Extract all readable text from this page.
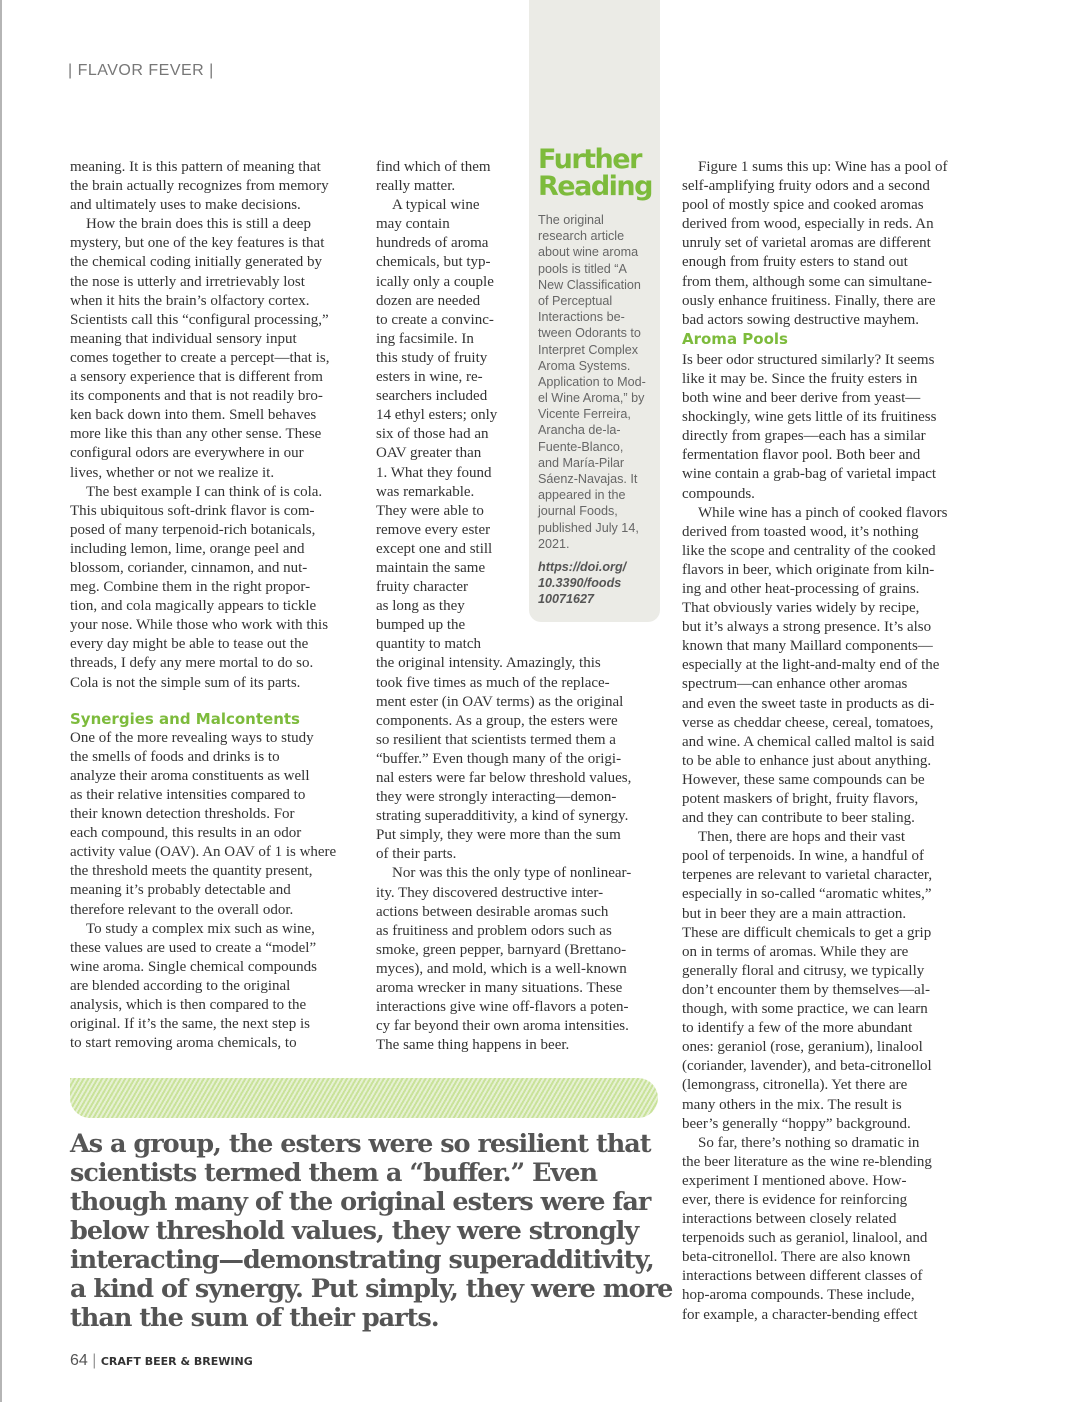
| FLAVOR FEVER |
Further
Reading
The original
research article
about wine aroma
pools is titled “A
New Classification
of Perceptual
Interactions be-
tween Odorants to
Interpret Complex
Aroma Systems.
Application to Mod-
el Wine Aroma,” by
Vicente Ferreira,
Arancha de-la-
Fuente-Blanco,
and María-Pilar
Sáenz-Navajas. It
appeared in the
journal Foods,
published July 14,
2021.
https://doi.org/
10.3390/foods
10071627
meaning. It is this pattern of meaning that
the brain actually recognizes from memory
and ultimately uses to make decisions.
How the brain does this is still a deep
mystery, but one of the key features is that
the chemical coding initially generated by
the nose is utterly and irretrievably lost
when it hits the brain’s olfactory cortex.
Scientists call this “configural processing,”
meaning that individual sensory input
comes together to create a percept—that is,
a sensory experience that is different from
its components and that is not readily bro-
ken back down into them. Smell behaves
more like this than any other sense. These
configural odors are everywhere in our
lives, whether or not we realize it.
The best example I can think of is cola.
This ubiquitous soft-drink flavor is com-
posed of many terpenoid-rich botanicals,
including lemon, lime, orange peel and
blossom, coriander, cinnamon, and nut-
meg. Combine them in the right propor-
tion, and cola magically appears to tickle
your nose. While those who work with this
every day might be able to tease out the
threads, I defy any mere mortal to do so.
Cola is not the simple sum of its parts.
Synergies and Malcontents
One of the more revealing ways to study
the smells of foods and drinks is to
analyze their aroma constituents as well
as their relative intensities compared to
their known detection thresholds. For
each compound, this results in an odor
activity value (OAV). An OAV of 1 is where
the threshold meets the quantity present,
meaning it’s probably detectable and
therefore relevant to the overall odor.
To study a complex mix such as wine,
these values are used to create a “model”
wine aroma. Single chemical compounds
are blended according to the original
analysis, which is then compared to the
original. If it’s the same, the next step is
to start removing aroma chemicals, to
find which of them
really matter.
A typical wine
may contain
hundreds of aroma
chemicals, but typ-
ically only a couple
dozen are needed
to create a convinc-
ing facsimile. In
this study of fruity
esters in wine, re-
searchers included
14 ethyl esters; only
six of those had an
OAV greater than
1. What they found
was remarkable.
They were able to
remove every ester
except one and still
maintain the same
fruity character
as long as they
bumped up the
quantity to match
the original intensity. Amazingly, this
took five times as much of the replace-
ment ester (in OAV terms) as the original
components. As a group, the esters were
so resilient that scientists termed them a
“buffer.” Even though many of the origi-
nal esters were far below threshold values,
they were strongly interacting—demon-
strating superadditivity, a kind of synergy.
Put simply, they were more than the sum
of their parts.
Nor was this the only type of nonlinear-
ity. They discovered destructive inter-
actions between desirable aromas such
as fruitiness and problem odors such as
smoke, green pepper, barnyard (Brettano-
myces), and mold, which is a well-known
aroma wrecker in many situations. These
interactions give wine off-flavors a poten-
cy far beyond their own aroma intensities.
The same thing happens in beer.
Figure 1 sums this up: Wine has a pool of
self-amplifying fruity odors and a second
pool of mostly spice and cooked aromas
derived from wood, especially in reds. An
unruly set of varietal aromas are different
enough from fruity esters to stand out
from them, although some can simultane-
ously enhance fruitiness. Finally, there are
bad actors sowing destructive mayhem.
Aroma Pools
Is beer odor structured similarly? It seems
like it may be. Since the fruity esters in
both wine and beer derive from yeast—
shockingly, wine gets little of its fruitiness
directly from grapes—each has a similar
fermentation flavor pool. Both beer and
wine contain a grab-bag of varietal impact
compounds.
While wine has a pinch of cooked flavors
derived from toasted wood, it’s nothing
like the scope and centrality of the cooked
flavors in beer, which originate from kiln-
ing and other heat-processing of grains.
That obviously varies widely by recipe,
but it’s always a strong presence. It’s also
known that many Maillard components—
especially at the light-and-malty end of the
spectrum—can enhance other aromas
and even the sweet taste in products as di-
verse as cheddar cheese, cereal, tomatoes,
and wine. A chemical called maltol is said
to be able to enhance just about anything.
However, these same compounds can be
potent maskers of bright, fruity flavors,
and they can contribute to beer staling.
Then, there are hops and their vast
pool of terpenoids. In wine, a handful of
terpenes are relevant to varietal character,
especially in so-called “aromatic whites,”
but in beer they are a main attraction.
These are difficult chemicals to get a grip
on in terms of aromas. While they are
generally floral and citrusy, we typically
don’t encounter them by themselves—al-
though, with some practice, we can learn
to identify a few of the more abundant
ones: geraniol (rose, geranium), linalool
(coriander, lavender), and beta-citronellol
(lemongrass, citronella). Yet there are
many others in the mix. The result is
beer’s generally “hoppy” background.
So far, there’s nothing so dramatic in
the beer literature as the wine re-blending
experiment I mentioned above. How-
ever, there is evidence for reinforcing
interactions between closely related
terpenoids such as geraniol, linalool, and
beta-citronellol. There are also known
interactions between different classes of
hop-aroma compounds. These include,
for example, a character-bending effect
As a group, the esters were so resilient that
scientists termed them a “buffer.” Even
though many of the original esters were far
below threshold values, they were strongly
interacting—demonstrating superadditivity,
a kind of synergy. Put simply, they were more
than the sum of their parts.
64 | CRAFT BEER & BREWING
